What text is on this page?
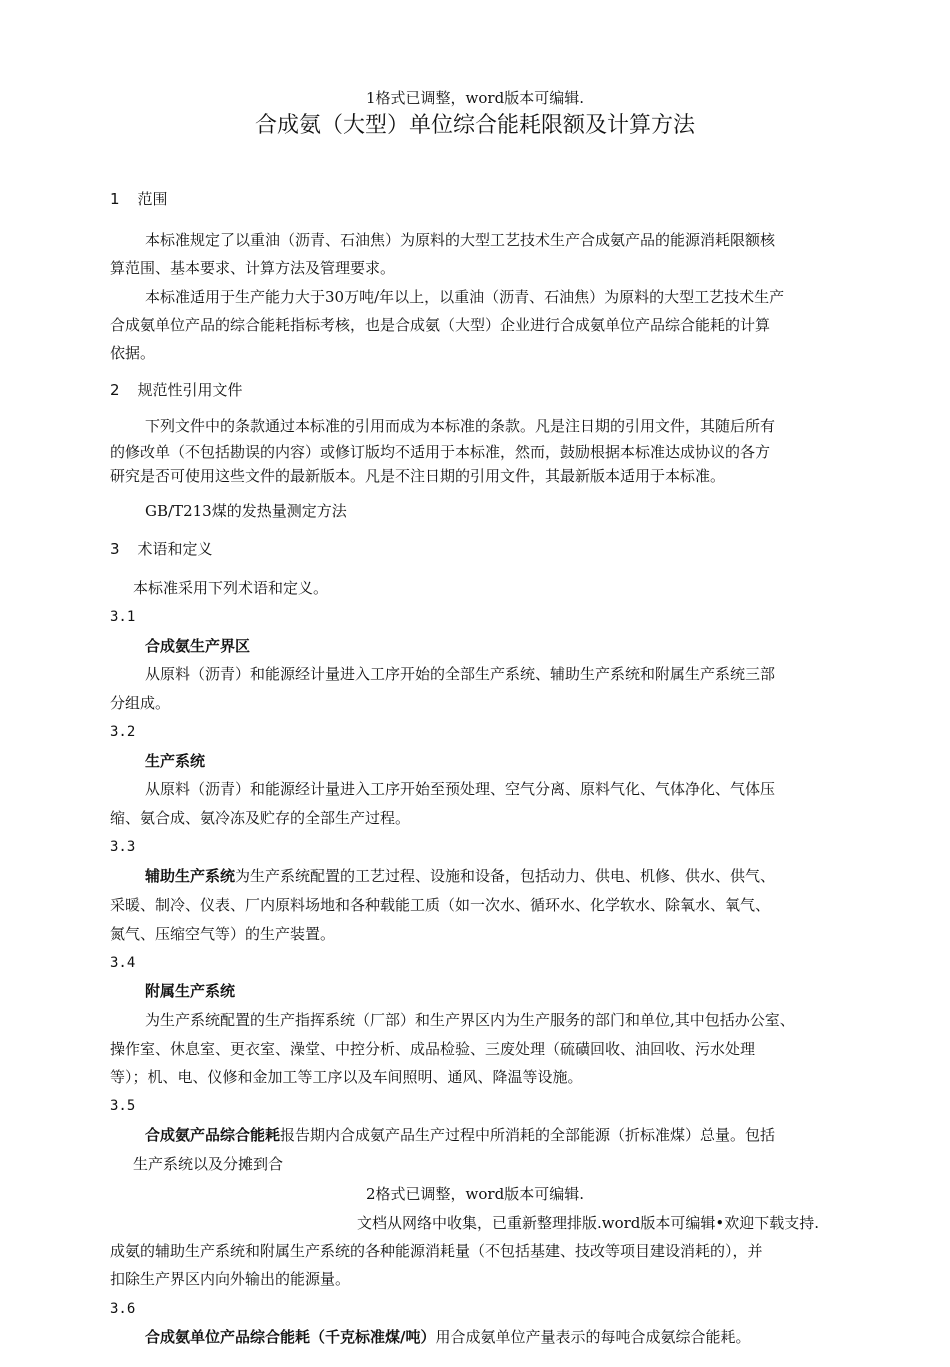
1格式已调整，word版本可编辑.
合成氨（大型）单位综合能耗限额及计算方法
1 范围
本标准规定了以重油（沥青、石油焦）为原料的大型工艺技术生产合成氨产品的能源消耗限额核
算范围、基本要求、计算方法及管理要求。
本标准适用于生产能力大于30万吨/年以上，以重油（沥青、石油焦）为原料的大型工艺技术生产
合成氨单位产品的综合能耗指标考核，也是合成氨（大型）企业进行合成氨单位产品综合能耗的计算
依据。
2 规范性引用文件
下列文件中的条款通过本标准的引用而成为本标准的条款。凡是注日期的引用文件，其随后所有
的修改单（不包括勘误的内容）或修订版均不适用于本标准，然而，鼓励根据本标准达成协议的各方
研究是否可使用这些文件的最新版本。凡是不注日期的引用文件，其最新版本适用于本标准。
GB/T213煤的发热量测定方法
3 术语和定义
本标准采用下列术语和定义。
3.1
合成氨生产界区
从原料（沥青）和能源经计量进入工序开始的全部生产系统、辅助生产系统和附属生产系统三部
分组成。
3.2
生产系统
从原料（沥青）和能源经计量进入工序开始至预处理、空气分离、原料气化、气体净化、气体压
缩、氨合成、氨冷冻及贮存的全部生产过程。
3.3
辅助生产系统为生产系统配置的工艺过程、设施和设备，包括动力、供电、机修、供水、供气、
采暖、制冷、仪表、厂内原料场地和各种载能工质（如一次水、循环水、化学软水、除氧水、氧气、
氮气、压缩空气等）的生产装置。
3.4
附属生产系统
为生产系统配置的生产指挥系统（厂部）和生产界区内为生产服务的部门和单位,其中包括办公室、
操作室、休息室、更衣室、澡堂、中控分析、成品检验、三废处理（硫磺回收、油回收、污水处理
等）；机、电、仪修和金加工等工序以及车间照明、通风、降温等设施。
3.5
合成氨产品综合能耗报告期内合成氨产品生产过程中所消耗的全部能源（折标准煤）总量。包括
生产系统以及分摊到合
2格式已调整，word版本可编辑.
文档从网络中收集，已重新整理排版.word版本可编辑•欢迎下载支持.
成氨的辅助生产系统和附属生产系统的各种能源消耗量（不包括基建、技改等项目建设消耗的），并
扣除生产界区内向外输出的能源量。
3.6
合成氨单位产品综合能耗（千克标准煤/吨）用合成氨单位产量表示的每吨合成氨综合能耗。
